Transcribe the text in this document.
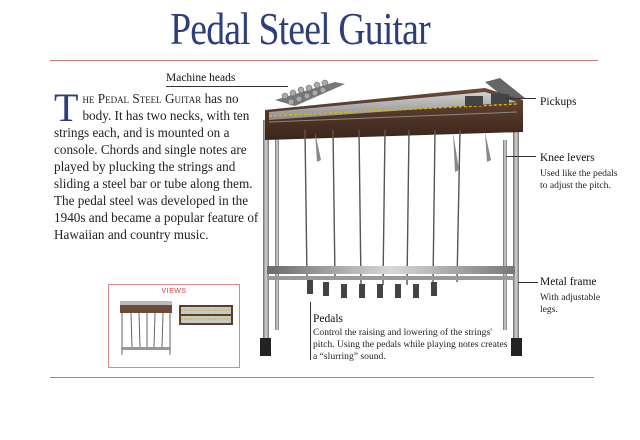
Pedal Steel Guitar

The Pedal Steel Guitar has no body. It has two necks, with ten strings each, and is mounted on a console. Chords and single notes are played by plucking the strings and sliding a steel bar or tube along them. The pedal steel was developed in the 1940s and became a popular feature of Hawaiian and country music.

Machine heads
Pickups
Knee levers
Used like the pedals to adjust the pitch.
Metal frame
With adjustable legs.
Pedals
Control the raising and lowering of the strings' pitch. Using the pedals while playing notes creates a “slurring” sound.
VIEWS
